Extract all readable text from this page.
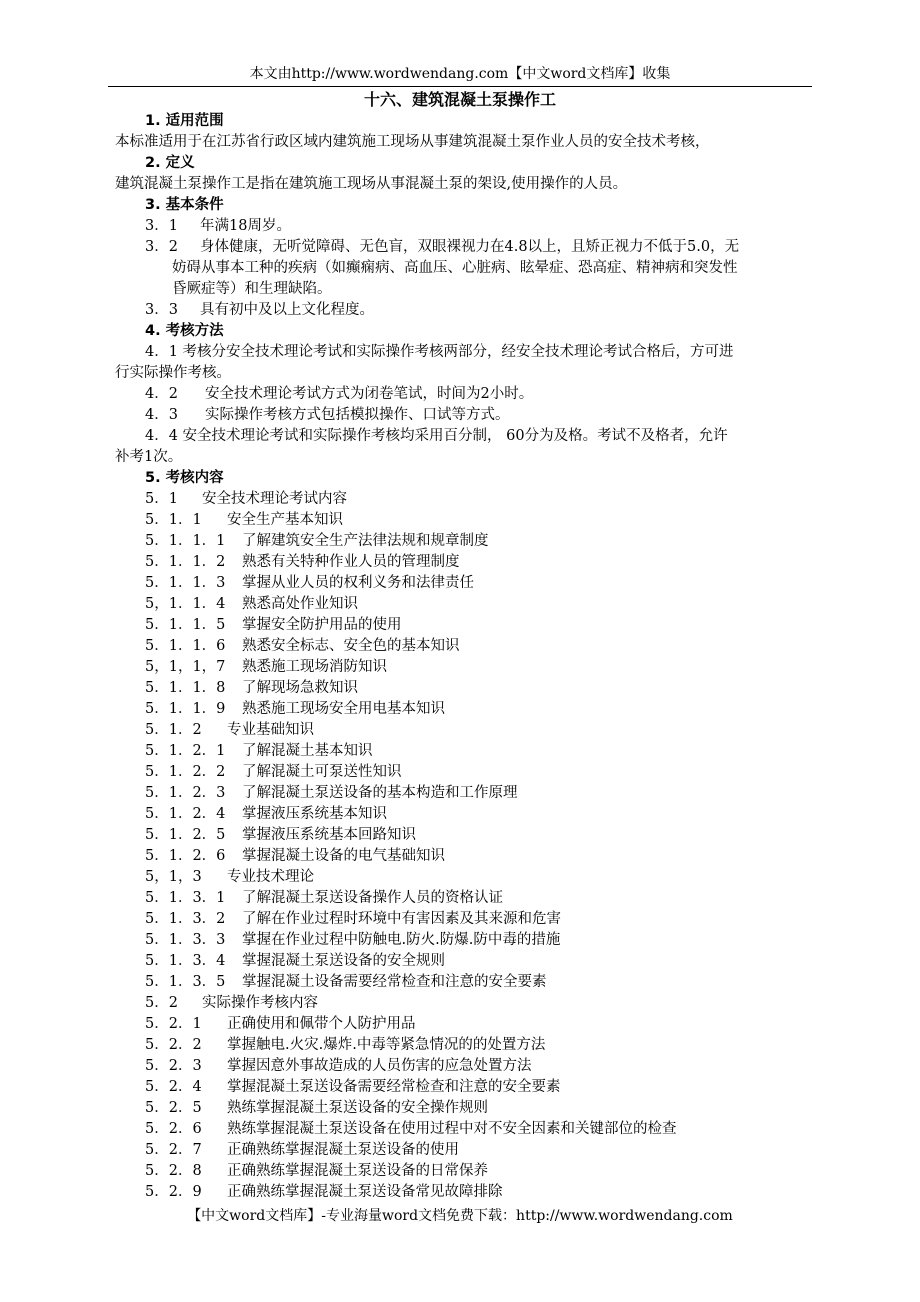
本文由http://www.wordwendang.com【中文word文档库】收集
十六、建筑混凝土泵操作工
1. 适用范围
本标准适用于在江苏省行政区域内建筑施工现场从事建筑混凝土泵作业人员的安全技术考核，
2. 定义
建筑混凝土泵操作工是指在建筑施工现场从事混凝土泵的架设,使用操作的人员。
3. 基本条件
3．1 年满18周岁。
3．2 身体健康，无听觉障碍、无色盲，双眼裸视力在4.8以上，且矫正视力不低于5.0，无
妨碍从事本工种的疾病（如癫痫病、高血压、心脏病、眩晕症、恐高症、精神病和突发性
昏厥症等）和生理缺陷。
3．3 具有初中及以上文化程度。
4. 考核方法
4．1 考核分安全技术理论考试和实际操作考核两部分，经安全技术理论考试合格后，方可进
行实际操作考核。
4．2 安全技术理论考试方式为闭卷笔试，时间为2小时。
4．3 实际操作考核方式包括模拟操作、口试等方式。
4．4 安全技术理论考试和实际操作考核均采用百分制， 60分为及格。考试不及格者，允许
补考1次。
5. 考核内容
5．1 安全技术理论考试内容
5．1．1 安全生产基本知识
5．1．1．1 了解建筑安全生产法律法规和规章制度
5．1．1．2 熟悉有关特种作业人员的管理制度
5．1．1．3 掌握从业人员的权利义务和法律责任
5，1．1．4 熟悉高处作业知识
5．1．1．5 掌握安全防护用品的使用
5．1．1．6 熟悉安全标志、安全色的基本知识
5，1，1，7 熟悉施工现场消防知识
5．1．1．8 了解现场急救知识
5．1．1．9 熟悉施工现场安全用电基本知识
5．1．2 专业基础知识
5．1．2．1 了解混凝土基本知识
5．1．2．2 了解混凝土可泵送性知识
5．1．2．3 了解混凝土泵送设备的基本构造和工作原理
5．1．2．4 掌握液压系统基本知识
5．1．2．5 掌握液压系统基本回路知识
5．1．2．6 掌握混凝土设备的电气基础知识
5，1，3 专业技术理论
5．1．3．1 了解混凝土泵送设备操作人员的资格认证
5．1．3．2 了解在作业过程时环境中有害因素及其来源和危害
5．1．3．3 掌握在作业过程中防触电.防火.防爆.防中毒的措施
5．1．3．4 掌握混凝土泵送设备的安全规则
5．1．3．5 掌握混凝土设备需要经常检查和注意的安全要素
5．2 实际操作考核内容
5．2．1 正确使用和佩带个人防护用品
5．2．2 掌握触电.火灾.爆炸.中毒等紧急情况的的处置方法
5．2．3 掌握因意外事故造成的人员伤害的应急处置方法
5．2．4 掌握混凝土泵送设备需要经常检查和注意的安全要素
5．2．5 熟练掌握混凝土泵送设备的安全操作规则
5．2．6 熟练掌握混凝土泵送设备在使用过程中对不安全因素和关键部位的检查
5．2．7 正确熟练掌握混凝土泵送设备的使用
5．2．8 正确熟练掌握混凝土泵送设备的日常保养
5．2．9 正确熟练掌握混凝土泵送设备常见故障排除
【中文word文档库】-专业海量word文档免费下载：http://www.wordwendang.com
